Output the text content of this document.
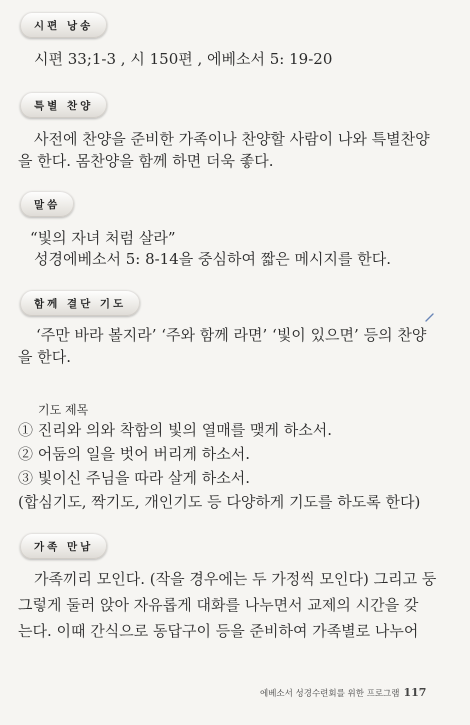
시편 낭송
시편 33;1-3 , 시 150편 , 에베소서 5: 19-20
특별 찬양
사전에 찬양을 준비한 가족이나 찬양할 사람이 나와 특별찬양
을 한다. 몸찬양을 함께 하면 더욱 좋다.
말씀
“빛의 자녀 처럼 살라”
성경에베소서 5: 8-14을 중심하여 짧은 메시지를 한다.
함께 결단 기도
‘주만 바라 볼지라’ ‘주와 함께 라면’ ‘빛이 있으면’ 등의 찬양
을 한다.
기도 제목
① 진리와 의와 착함의 빛의 열매를 맺게 하소서.
② 어둠의 일을 벗어 버리게 하소서.
③ 빛이신 주님을 따라 살게 하소서.
(합심기도, 짝기도, 개인기도 등 다양하게 기도를 하도록 한다)
가족 만남
가족끼리 모인다. (작을 경우에는 두 가정씩 모인다) 그리고 둥
그렇게 둘러 앉아 자유롭게 대화를 나누면서 교제의 시간을 갖
는다. 이때 간식으로 동답구이 등을 준비하여 가족별로 나누어
에베소서 성경수련회를 위한 프로그램 117
